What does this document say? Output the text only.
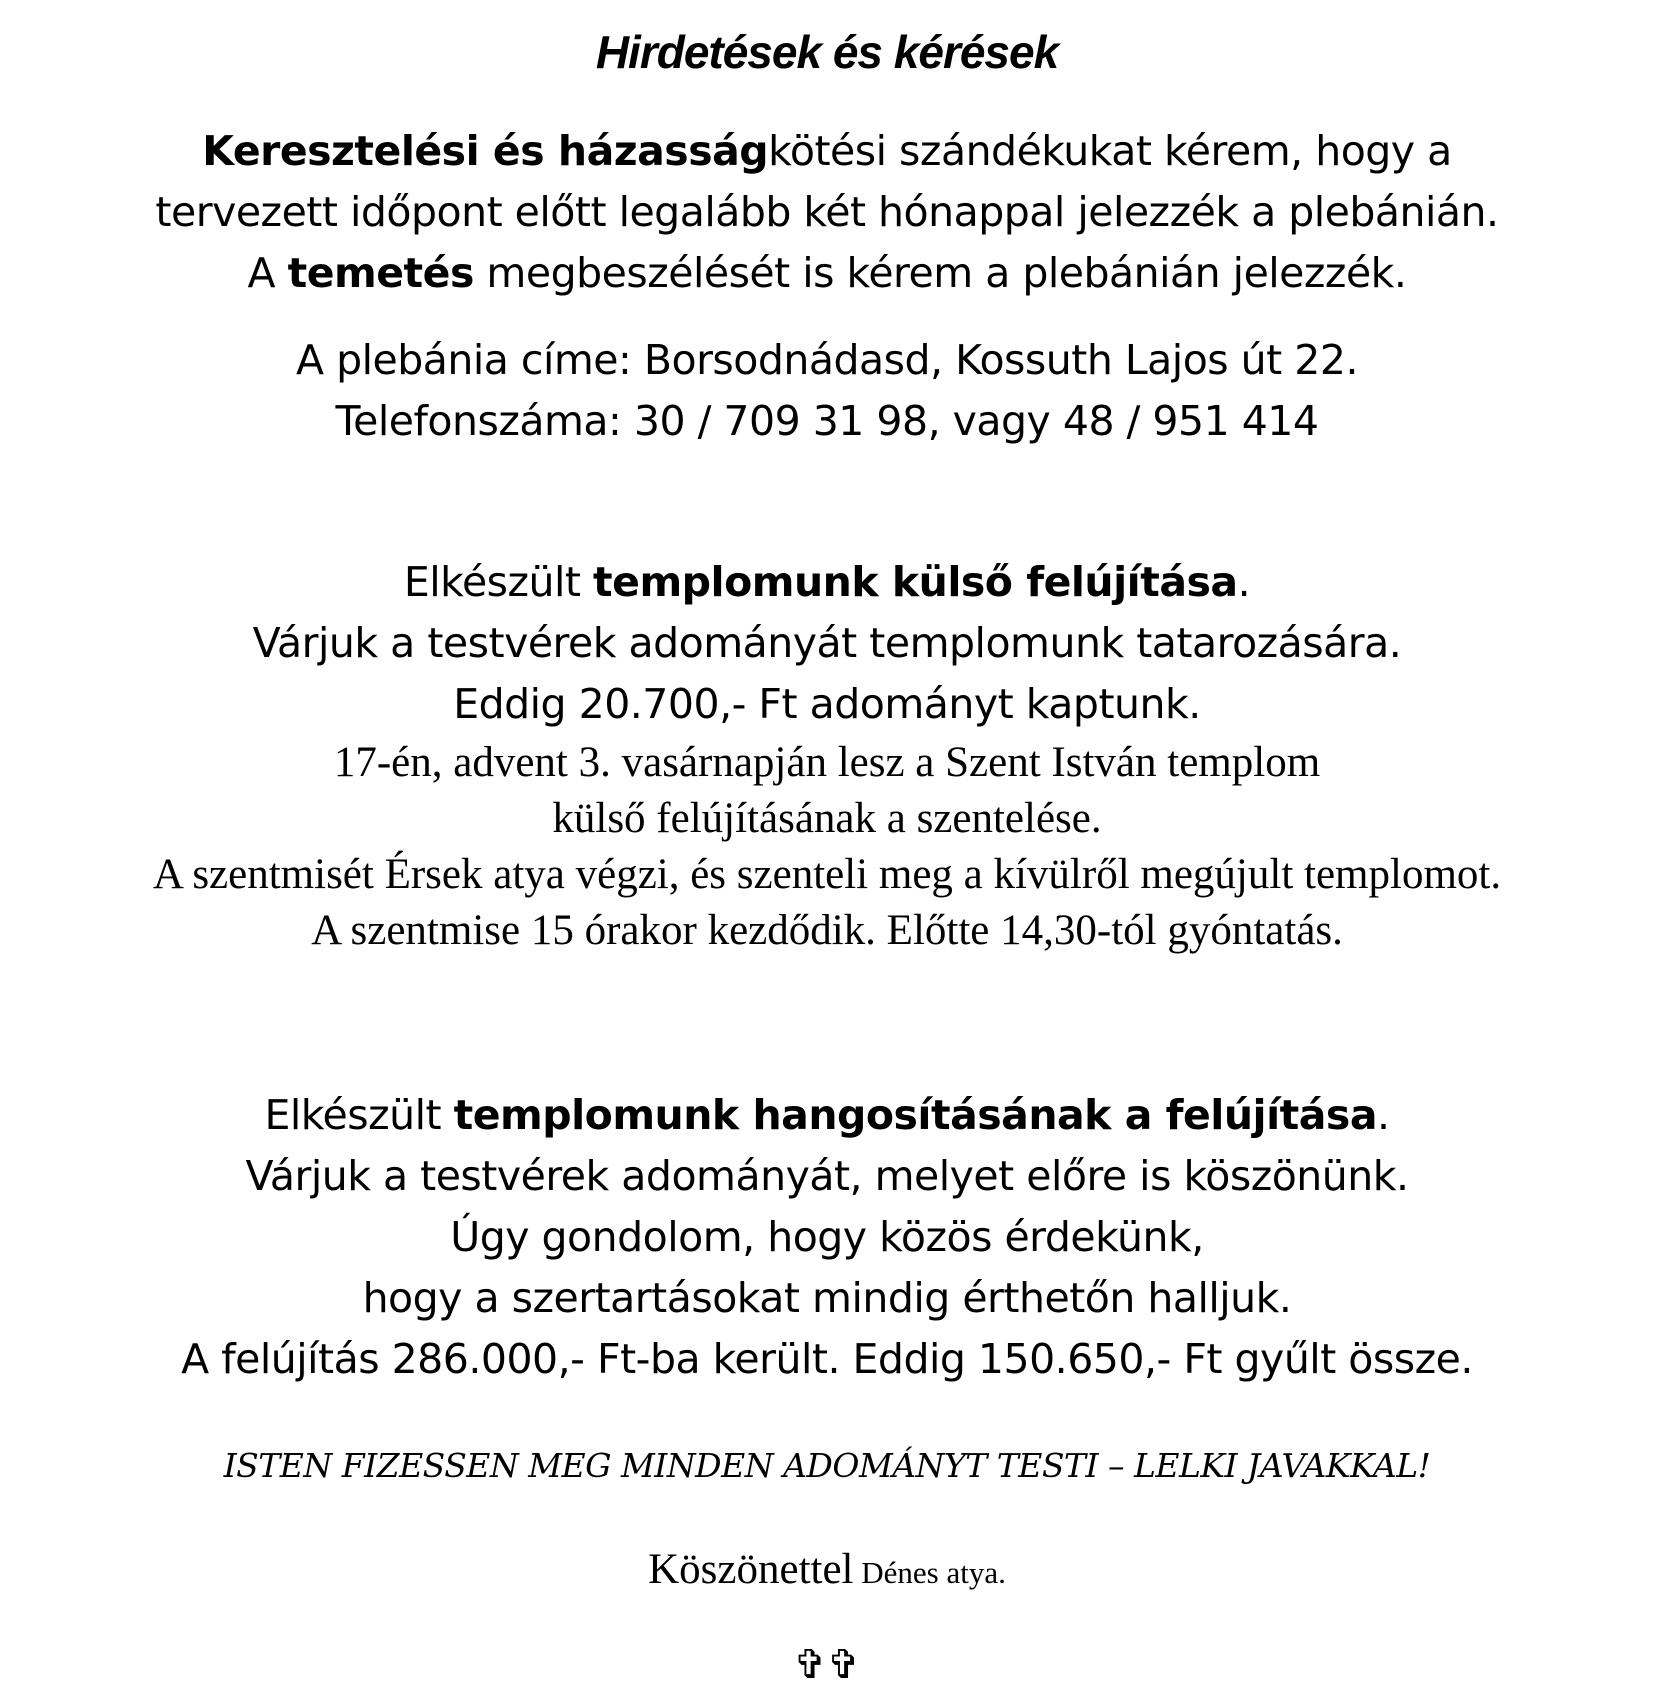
Hirdetések és kérések
Keresztelési és házasságkötési szándékukat kérem, hogy a
tervezett időpont előtt legalább két hónappal jelezzék a plebánián.
A temetés megbeszélését is kérem a plebánián jelezzék.
A plebánia címe: Borsodnádasd, Kossuth Lajos út 22.
Telefonszáma: 30 / 709 31 98, vagy 48 / 951 414
Elkészült templomunk külső felújítása.
Várjuk a testvérek adományát templomunk tatarozására.
Eddig 20.700,- Ft adományt kaptunk.
17-én, advent 3. vasárnapján lesz a Szent István templom
külső felújításának a szentelése.
A szentmisét Érsek atya végzi, és szenteli meg a kívülről megújult templomot.
A szentmise 15 órakor kezdődik. Előtte 14,30-tól gyóntatás.
Elkészült templomunk hangosításának a felújítása.
Várjuk a testvérek adományát, melyet előre is köszönünk.
Úgy gondolom, hogy közös érdekünk,
hogy a szertartásokat mindig érthetőn halljuk.
A felújítás 286.000,- Ft-ba került. Eddig 150.650,- Ft gyűlt össze.
ISTEN FIZESSEN MEG MINDEN ADOMÁNYT TESTI – LELKI JAVAKKAL!
Köszönettel Dénes atya.
✞✞
